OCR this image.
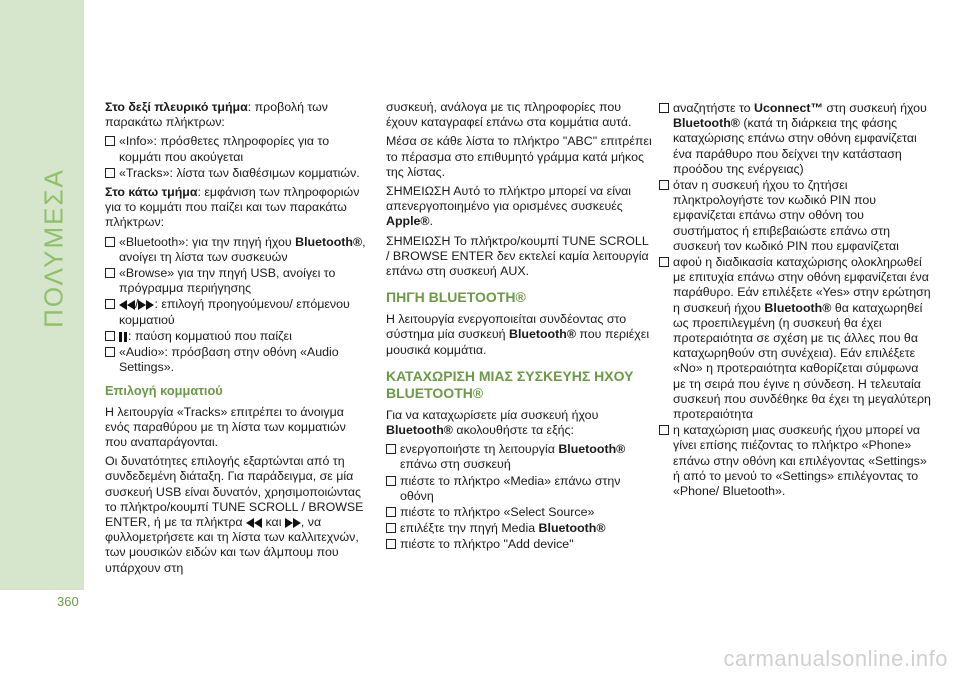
ΠΟΛΥΜΕΣΑ
360

Στο δεξί πλευρικό τμήμα: προβολή των παρακάτω πλήκτρων:

«Info»: πρόσθετες πληροφορίες για το κομμάτι που ακούγεται
«Tracks»: λίστα των διαθέσιμων κομματιών.

Στο κάτω τμήμα: εμφάνιση των πληροφοριών για το κομμάτι που παίζει και των παρακάτω πλήκτρων:

«Bluetooth»: για την πηγή ήχου Bluetooth®, ανοίγει τη λίστα των συσκευών
«Browse» για την πηγή USB, ανοίγει το πρόγραμμα περιήγησης
/ : επιλογή προηγούμενου/ επόμενου κομματιού
: παύση κομματιού που παίζει
«Audio»: πρόσβαση στην οθόνη «Audio Settings».
Επιλογή κομματιού

Η λειτουργία «Tracks» επιτρέπει το άνοιγμα ενός παραθύρου με τη λίστα των κομματιών που αναπαράγονται.

Οι δυνατότητες επιλογής εξαρτώνται από τη συνδεδεμένη διάταξη. Για παράδειγμα, σε μία συσκευή USB είναι δυνατόν, χρησιμοποιώντας το πλήκτρο/κουμπί TUNE SCROLL / BROWSE ENTER, ή με τα πλήκτρα και , να φυλλομετρήσετε και τη λίστα των καλλιτεχνών, των μουσικών ειδών και των άλμπουμ που υπάρχουν στη

συσκευή, ανάλογα με τις πληροφορίες που έχουν καταγραφεί επάνω στα κομμάτια αυτά.

Μέσα σε κάθε λίστα το πλήκτρο "ABC" επιτρέπει το πέρασμα στο επιθυμητό γράμμα κατά μήκος της λίστας.

ΣΗΜΕΙΩΣΗ Αυτό το πλήκτρο μπορεί να είναι απενεργοποιημένο για ορισμένες συσκευές Apple®.

ΣΗΜΕΙΩΣΗ Το πλήκτρο/κουμπί TUNE SCROLL / BROWSE ENTER δεν εκτελεί καμία λειτουργία επάνω στη συσκευή AUX.

ΠΗΓΗ BLUETOOTH®

Η λειτουργία ενεργοποιείται συνδέοντας στο σύστημα μία συσκευή Bluetooth® που περιέχει μουσικά κομμάτια.

ΚΑΤΑΧΩΡΙΣΗ ΜΙΑΣ ΣΥΣΚΕΥΗΣ ΗΧΟΥ BLUETOOTH®

Για να καταχωρίσετε μία συσκευή ήχου Bluetooth® ακολουθήστε τα εξής:

ενεργοποιήστε τη λειτουργία Bluetooth® επάνω στη συσκευή
πιέστε το πλήκτρο «Media» επάνω στην οθόνη
πιέστε το πλήκτρο «Select Source»
επιλέξτε την πηγή Media Bluetooth®
πιέστε το πλήκτρο "Add device"
αναζητήστε το Uconnect™ στη συσκευή ήχου Bluetooth® (κατά τη διάρκεια της φάσης καταχώρισης επάνω στην οθόνη εμφανίζεται ένα παράθυρο που δείχνει την κατάσταση προόδου της ενέργειας)
όταν η συσκευή ήχου το ζητήσει πληκτρολογήστε τον κωδικό PIN που εμφανίζεται επάνω στην οθόνη του συστήματος ή επιβεβαιώστε επάνω στη συσκευή τον κωδικό PIN που εμφανίζεται
αφού η διαδικασία καταχώρισης ολοκληρωθεί με επιτυχία επάνω στην οθόνη εμφανίζεται ένα παράθυρο. Εάν επιλέξετε «Yes» στην ερώτηση η συσκευή ήχου Bluetooth® θα καταχωρηθεί ως προεπιλεγμένη (η συσκευή θα έχει προτεραιότητα σε σχέση με τις άλλες που θα καταχωρηθούν στη συνέχεια). Εάν επιλέξετε «No» η προτεραιότητα καθορίζεται σύμφωνα με τη σειρά που έγινε η σύνδεση. Η τελευταία συσκευή που συνδέθηκε θα έχει τη μεγαλύτερη προτεραιότητα
η καταχώριση μιας συσκευής ήχου μπορεί να γίνει επίσης πιέζοντας το πλήκτρο «Phone» επάνω στην οθόνη και επιλέγοντας «Settings» ή από το μενού το «Settings» επιλέγοντας το «Phone/ Bluetooth».
carmanualsonline.info
